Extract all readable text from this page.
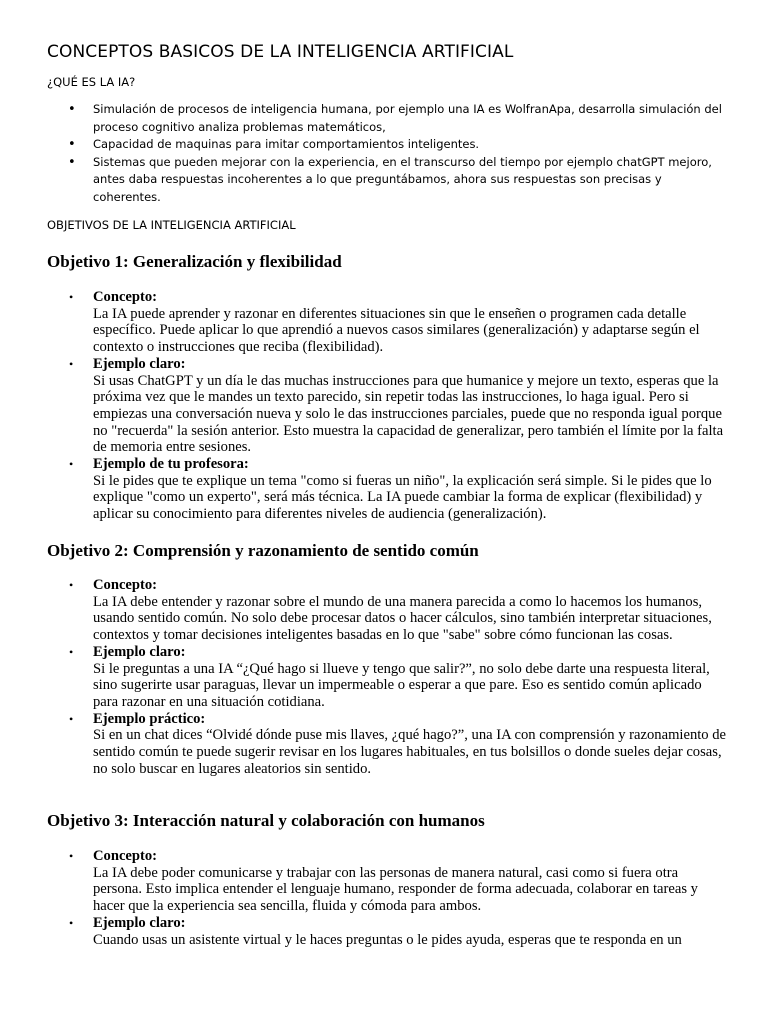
CONCEPTOS BASICOS DE LA INTELIGENCIA ARTIFICIAL

¿QUÉ ES LA IA?

• Simulación de procesos de inteligencia humana, por ejemplo una IA es WolfranApa, desarrolla simulación del proceso cognitivo analiza problemas matemáticos,
• Capacidad de maquinas para imitar comportamientos inteligentes.
• Sistemas que pueden mejorar con la experiencia, en el transcurso del tiempo por ejemplo chatGPT mejoro, antes daba respuestas incoherentes a lo que preguntábamos, ahora sus respuestas son precisas y coherentes.

OBJETIVOS DE LA INTELIGENCIA ARTIFICIAL

Objetivo 1: Generalización y flexibilidad
• Concepto:
La IA puede aprender y razonar en diferentes situaciones sin que le enseñen o programen cada detalle específico. Puede aplicar lo que aprendió a nuevos casos similares (generalización) y adaptarse según el contexto o instrucciones que reciba (flexibilidad).
• Ejemplo claro:
Si usas ChatGPT y un día le das muchas instrucciones para que humanice y mejore un texto, esperas que la próxima vez que le mandes un texto parecido, sin repetir todas las instrucciones, lo haga igual. Pero si empiezas una conversación nueva y solo le das instrucciones parciales, puede que no responda igual porque no "recuerda" la sesión anterior. Esto muestra la capacidad de generalizar, pero también el límite por la falta de memoria entre sesiones.
• Ejemplo de tu profesora:
Si le pides que te explique un tema "como si fueras un niño", la explicación será simple. Si le pides que lo explique "como un experto", será más técnica. La IA puede cambiar la forma de explicar (flexibilidad) y aplicar su conocimiento para diferentes niveles de audiencia (generalización).
Objetivo 2: Comprensión y razonamiento de sentido común
• Concepto:
La IA debe entender y razonar sobre el mundo de una manera parecida a como lo hacemos los humanos, usando sentido común. No solo debe procesar datos o hacer cálculos, sino también interpretar situaciones, contextos y tomar decisiones inteligentes basadas en lo que "sabe" sobre cómo funcionan las cosas.
• Ejemplo claro:
Si le preguntas a una IA “¿Qué hago si llueve y tengo que salir?”, no solo debe darte una respuesta literal, sino sugerirte usar paraguas, llevar un impermeable o esperar a que pare. Eso es sentido común aplicado para razonar en una situación cotidiana.
• Ejemplo práctico:
Si en un chat dices “Olvidé dónde puse mis llaves, ¿qué hago?”, una IA con comprensión y razonamiento de sentido común te puede sugerir revisar en los lugares habituales, en tus bolsillos o donde sueles dejar cosas, no solo buscar en lugares aleatorios sin sentido.
Objetivo 3: Interacción natural y colaboración con humanos
• Concepto:
La IA debe poder comunicarse y trabajar con las personas de manera natural, casi como si fuera otra persona. Esto implica entender el lenguaje humano, responder de forma adecuada, colaborar en tareas y hacer que la experiencia sea sencilla, fluida y cómoda para ambos.
• Ejemplo claro:
Cuando usas un asistente virtual y le haces preguntas o le pides ayuda, esperas que te responda en un
